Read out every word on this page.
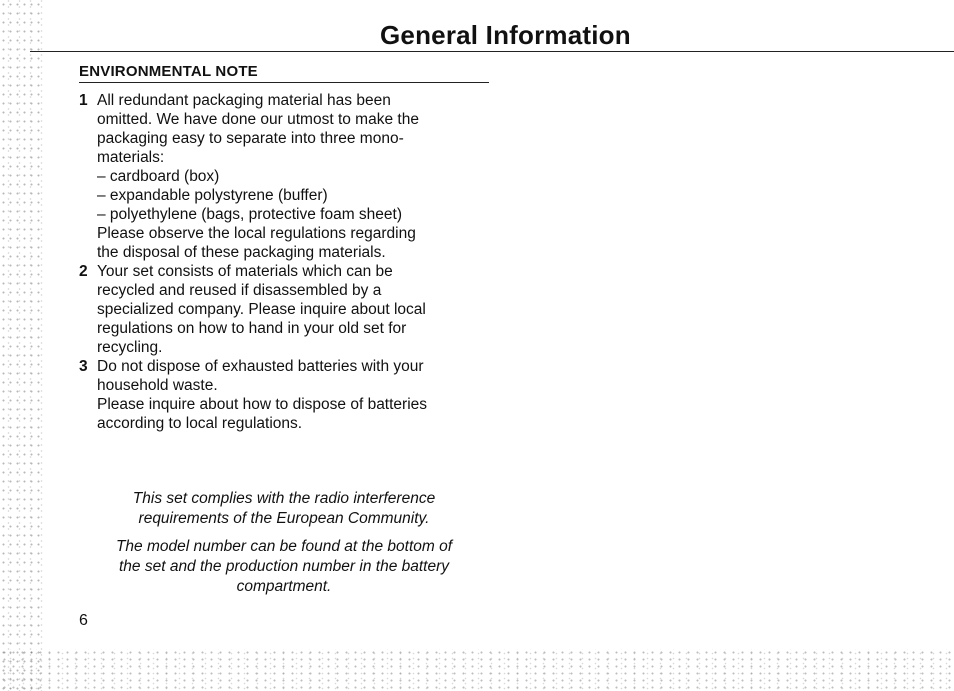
General Information
ENVIRONMENTAL NOTE
1 All redundant packaging material has been
omitted. We have done our utmost to make the
packaging easy to separate into three mono-
materials:
– cardboard (box)
– expandable polystyrene (buffer)
– polyethylene (bags, protective foam sheet)
Please observe the local regulations regarding
the disposal of these packaging materials.
2 Your set consists of materials which can be
recycled and reused if disassembled by a
specialized company. Please inquire about local
regulations on how to hand in your old set for
recycling.
3 Do not dispose of exhausted batteries with your
household waste.
Please inquire about how to dispose of batteries
according to local regulations.

This set complies with the radio interference
requirements of the European Community.

The model number can be found at the bottom of
the set and the production number in the battery
compartment.

6
